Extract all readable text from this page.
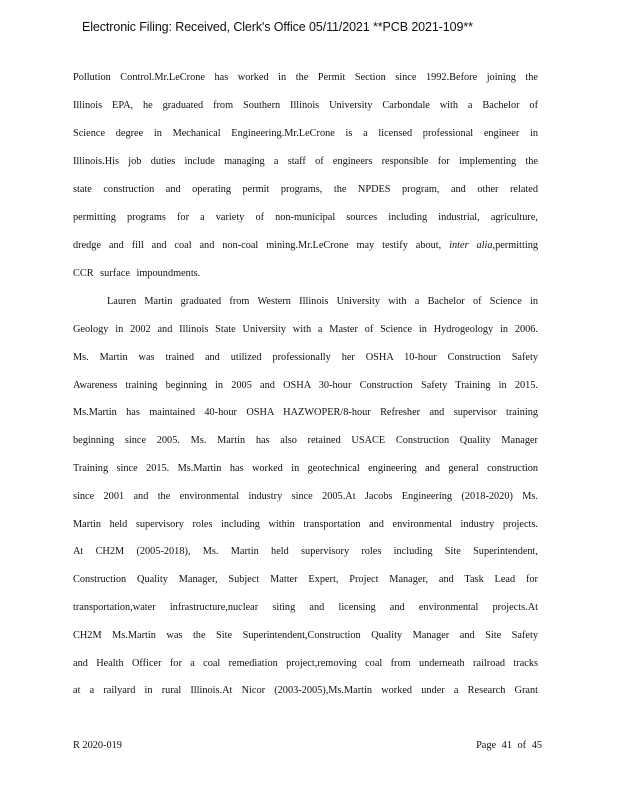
Electronic Filing: Received, Clerk's Office 05/11/2021 **PCB 2021-109**
Pollution Control.Mr.LeCrone has worked in the Permit Section since 1992.Before joining the
Illinois EPA, he graduated from Southern Illinois University Carbondale with a Bachelor of
Science degree in Mechanical Engineering.Mr.LeCrone is a licensed professional engineer in
Illinois.His job duties include managing a staff of engineers responsible for implementing the
state construction and operating permit programs, the NPDES program, and other related
permitting programs for a variety of non-municipal sources including industrial, agriculture,
dredge and fill and coal and non-coal mining.Mr.LeCrone may testify about, inter alia,permitting
CCR surface impoundments.
Lauren Martin graduated from Western Illinois University with a Bachelor of Science in
Geology in 2002 and Illinois State University with a Master of Science in Hydrogeology in 2006.
Ms. Martin was trained and utilized professionally her OSHA 10-hour Construction Safety
Awareness training beginning in 2005 and OSHA 30-hour Construction Safety Training in 2015.
Ms.Martin has maintained 40-hour OSHA HAZWOPER/8-hour Refresher and supervisor training
beginning since 2005. Ms. Martin has also retained USACE Construction Quality Manager
Training since 2015. Ms.Martin has worked in geotechnical engineering and general construction
since 2001 and the environmental industry since 2005.At Jacobs Engineering (2018-2020) Ms.
Martin held supervisory roles including within transportation and environmental industry projects.
At CH2M (2005-2018), Ms. Martin held supervisory roles including Site Superintendent,
Construction Quality Manager, Subject Matter Expert, Project Manager, and Task Lead for
transportation,water infrastructure,nuclear siting and licensing and environmental projects.At
CH2M Ms.Martin was the Site Superintendent,Construction Quality Manager and Site Safety
and Health Officer for a coal remediation project,removing coal from underneath railroad tracks
at a railyard in rural Illinois.At Nicor (2003-2005),Ms.Martin worked under a Research Grant
R 2020-019	Page 41 of 45
